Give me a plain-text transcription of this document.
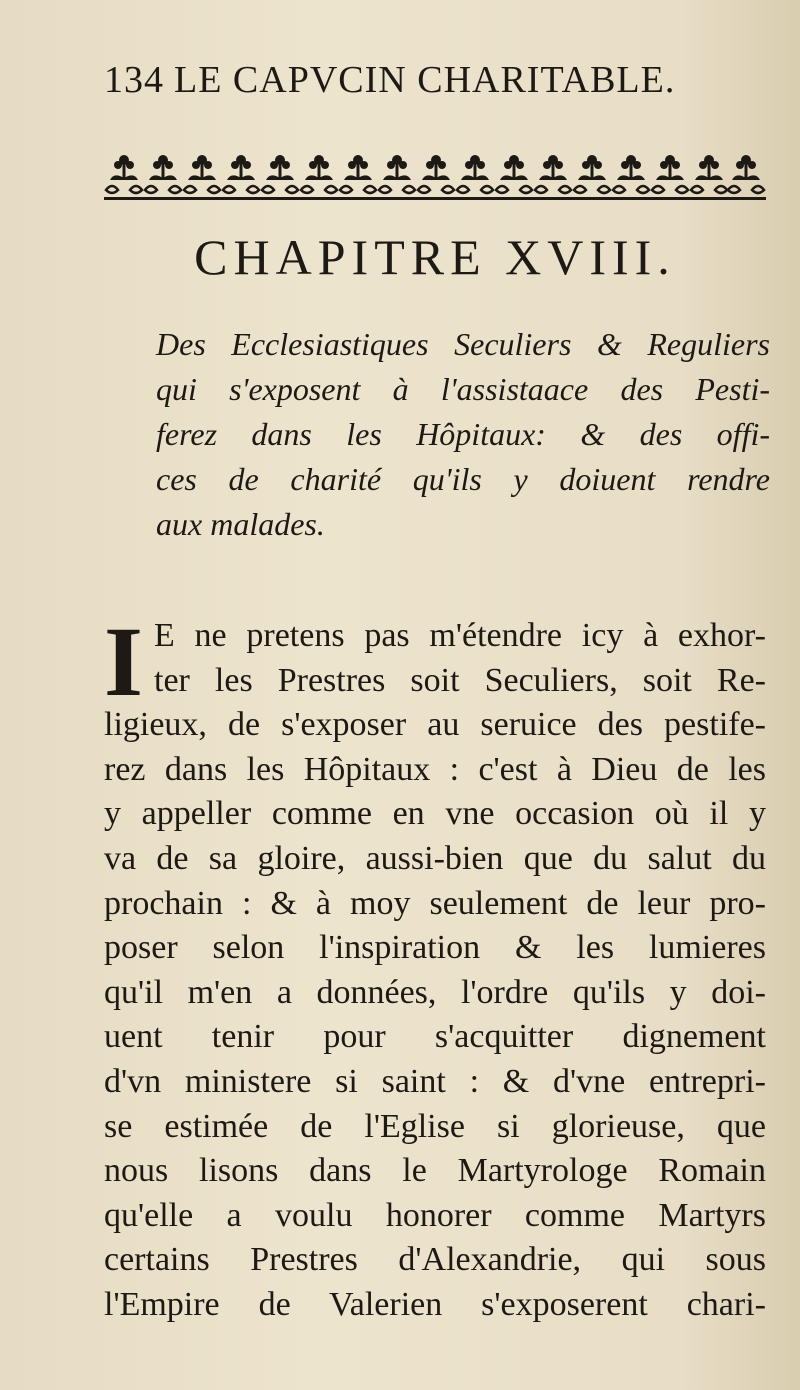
134 LE CAPVCIN CHARITABLE.
CHAPITRE XVIII.
Des Ecclesiastiques Seculiers & Reguliers
qui s'exposent à l'assistaace des Pesti-
ferez dans les Hôpitaux: & des offi-
ces de charité qu'ils y doiuent rendre
aux malades.
I E ne pretens pas m'étendre icy à exhor-
ter les Prestres soit Seculiers, soit Re-
ligieux, de s'exposer au seruice des pestife-
rez dans les Hôpitaux : c'est à Dieu de les
y appeller comme en vne occasion où il y
va de sa gloire, aussi-bien que du salut du
prochain : & à moy seulement de leur pro-
poser selon l'inspiration & les lumieres
qu'il m'en a données, l'ordre qu'ils y doi-
uent tenir pour s'acquitter dignement
d'vn ministere si saint : & d'vne entrepri-
se estimée de l'Eglise si glorieuse, que
nous lisons dans le Martyrologe Romain
qu'elle a voulu honorer comme Martyrs
certains Prestres d'Alexandrie, qui sous
l'Empire de Valerien s'exposerent chari-
